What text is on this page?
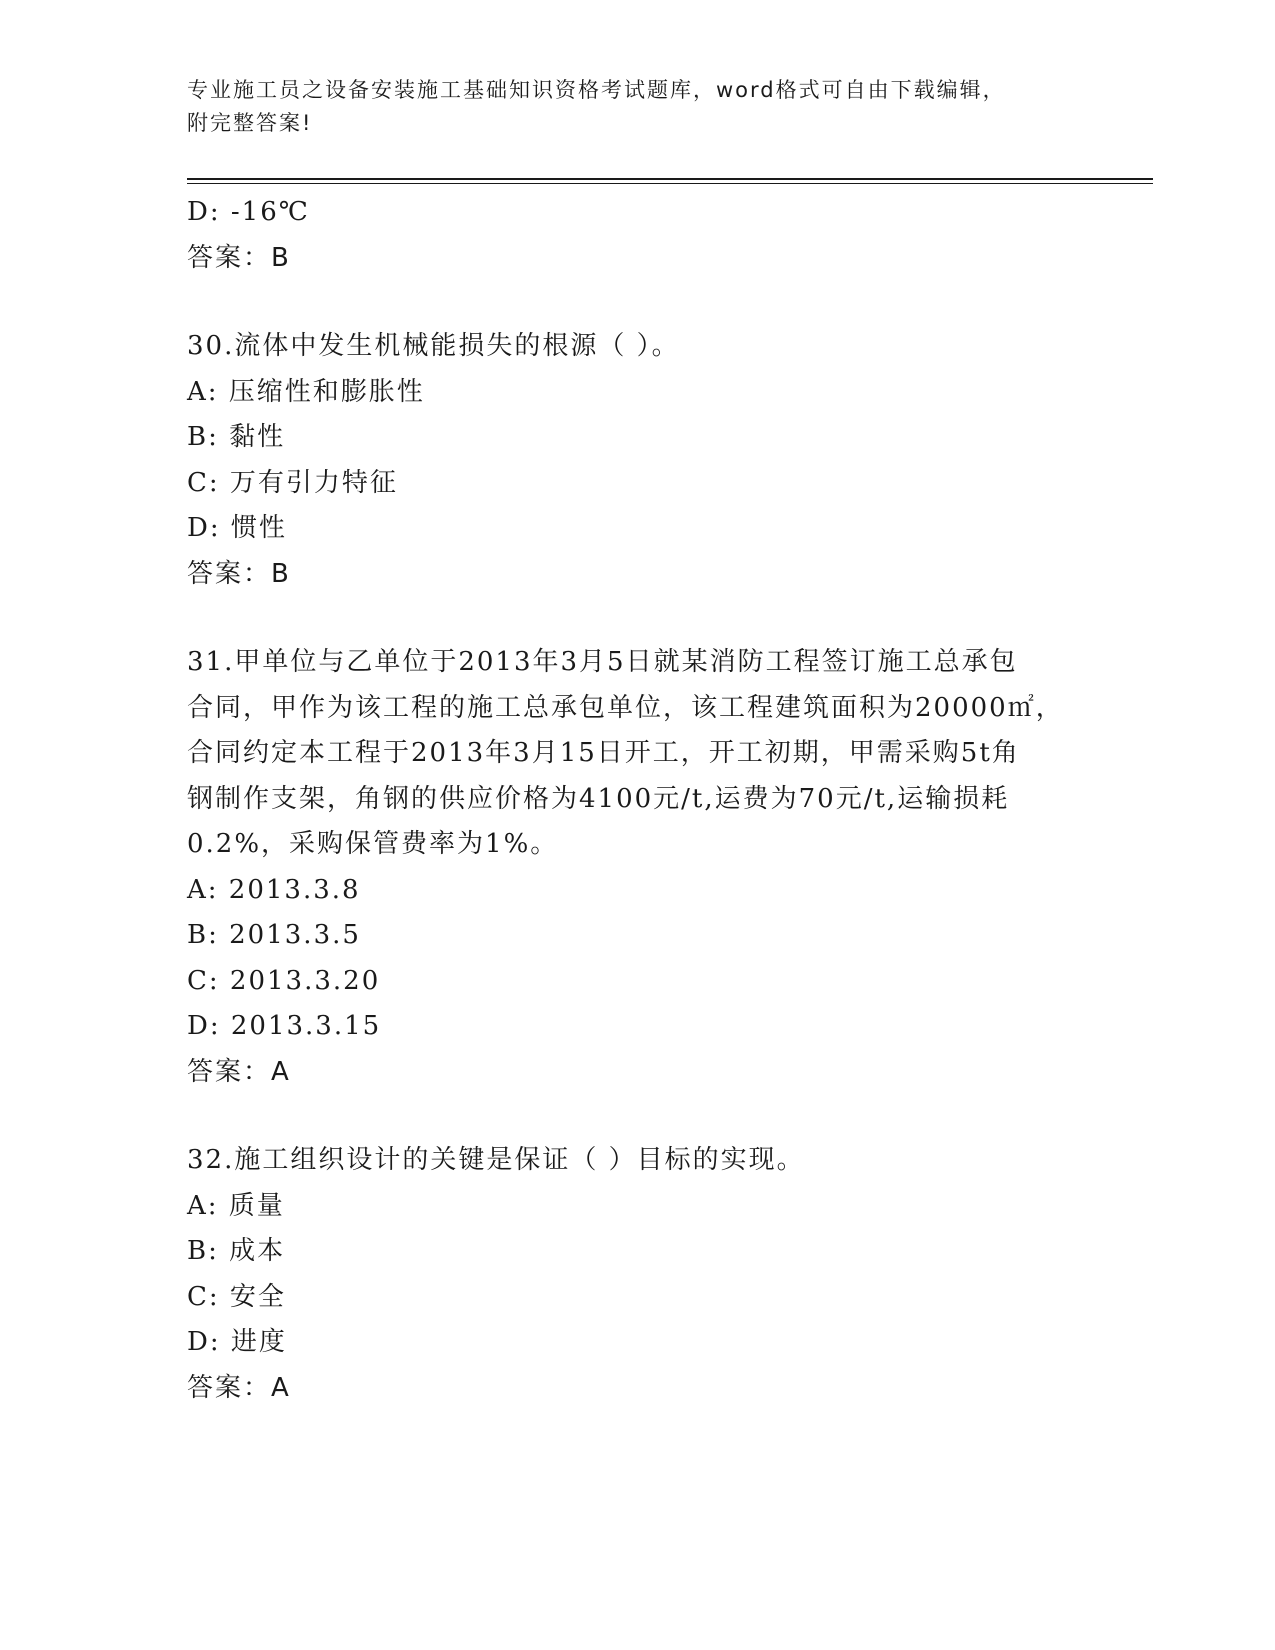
专业施工员之设备安装施工基础知识资格考试题库，word格式可自由下载编辑，
附完整答案!
D: -16℃
答案：B
30.流体中发生机械能损失的根源（ ）。
A: 压缩性和膨胀性
B: 黏性
C: 万有引力特征
D: 惯性
答案：B
31.甲单位与乙单位于2013年3月5日就某消防工程签订施工总承包
合同，甲作为该工程的施工总承包单位，该工程建筑面积为20000㎡，
合同约定本工程于2013年3月15日开工，开工初期，甲需采购5t角
钢制作支架，角钢的供应价格为4100元/t,运费为70元/t,运输损耗
0.2%，采购保管费率为1%。
A: 2013.3.8
B: 2013.3.5
C: 2013.3.20
D: 2013.3.15
答案：A
32.施工组织设计的关键是保证（ ）目标的实现。
A: 质量
B: 成本
C: 安全
D: 进度
答案：A
